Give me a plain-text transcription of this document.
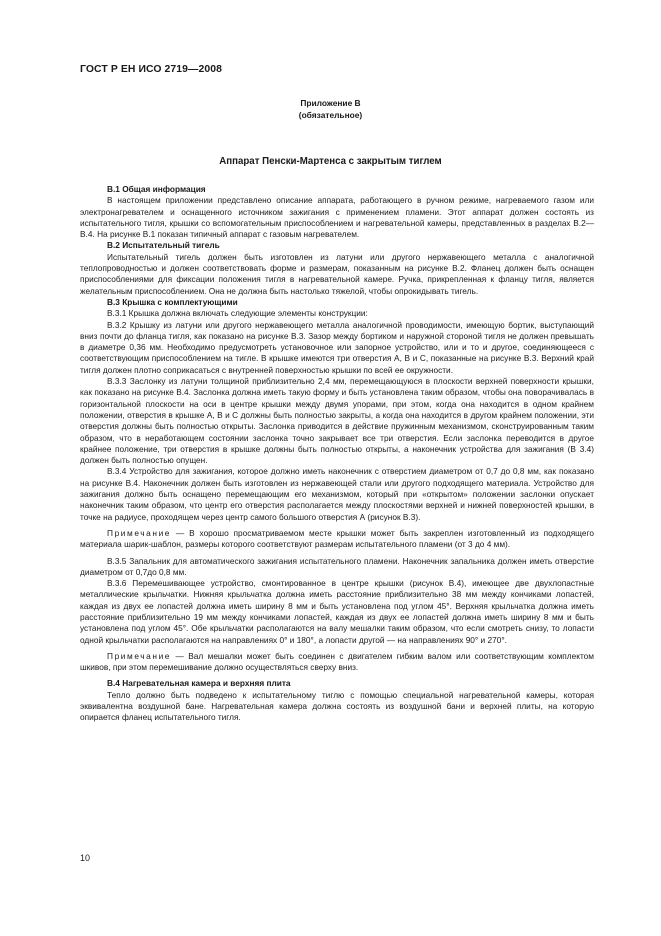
ГОСТ Р ЕН ИСО 2719—2008
Приложение В
(обязательное)
Аппарат Пенски-Мартенса с закрытым тиглем

В.1 Общая информация

В настоящем приложении представлено описание аппарата, работающего в ручном режиме, нагреваемого газом или электронагревателем и оснащенного источником зажигания с применением пламени. Этот аппарат должен состоять из испытательного тигля, крышки со вспомогательным приспособлением и нагревательной камеры, представленных в разделах В.2—В.4. На рисунке В.1 показан типичный аппарат с газовым нагревателем.

В.2 Испытательный тигель

Испытательный тигель должен быть изготовлен из латуни или другого нержавеющего металла с аналогичной теплопроводностью и должен соответствовать форме и размерам, показанным на рисунке В.2. Фланец должен быть оснащен приспособлениями для фиксации положения тигля в нагревательной камере. Ручка, прикрепленная к фланцу тигля, является желательным приспособлением. Она не должна быть настолько тяжелой, чтобы опрокидывать тигель.

В.3 Крышка с комплектующими

В.3.1 Крышка должна включать следующие элементы конструкции:

В.3.2 Крышку из латуни или другого нержавеющего металла аналогичной проводимости, имеющую бортик, выступающий вниз почти до фланца тигля, как показано на рисунке В.3. Зазор между бортиком и наружной стороной тигля не должен превышать в диаметре 0,36 мм. Необходимо предусмотреть установочное или запорное устройство, или и то и другое, соединяющееся с соответствующим приспособлением на тигле. В крышке имеются три отверстия А, В и С, показанные на рисунке В.3. Верхний край тигля должен плотно соприкасаться с внутренней поверхностью крышки по всей ее окружности.

В.3.3 Заслонку из латуни толщиной приблизительно 2,4 мм, перемещающуюся в плоскости верхней поверхности крышки, как показано на рисунке В.4. Заслонка должна иметь такую форму и быть установлена таким образом, чтобы она поворачивалась в горизонтальной плоскости на оси в центре крышки между двумя упорами, при этом, когда она находится в одном крайнем положении, отверстия в крышке А, В и С должны быть полностью закрыты, а когда она находится в другом крайнем положении, эти отверстия должны быть полностью открыты. Заслонка приводится в действие пружинным механизмом, сконструированным таким образом, что в неработающем состоянии заслонка точно закрывает все три отверстия. Если заслонка переводится в другое крайнее положение, три отверстия в крышке должны быть полностью открыты, а наконечник устройства для зажигания (В 3.4) должен быть полностью опущен.

В.3.4 Устройство для зажигания, которое должно иметь наконечник с отверстием диаметром от 0,7 до 0,8 мм, как показано на рисунке В.4. Наконечник должен быть изготовлен из нержавеющей стали или другого подходящего материала. Устройство для зажигания должно быть оснащено перемещающим его механизмом, который при «открытом» положении заслонки опускает наконечник таким образом, что центр его отверстия располагается между плоскостями верхней и нижней поверхностей крышки, в точке на радиусе, проходящем через центр самого большого отверстия А (рисунок В.3).

Примечание — В хорошо просматриваемом месте крышки может быть закреплен изготовленный из подходящего материала шарик-шаблон, размеры которого соответствуют размерам испытательного пламени (от 3 до 4 мм).

В.3.5 Запальник для автоматического зажигания испытательного пламени. Наконечник запальника должен иметь отверстие диаметром от 0,7до 0,8 мм.

В.3.6 Перемешивающее устройство, смонтированное в центре крышки (рисунок В.4), имеющее две двухлопастные металлические крыльчатки. Нижняя крыльчатка должна иметь расстояние приблизительно 38 мм между кончиками лопастей, каждая из двух ее лопастей должна иметь ширину 8 мм и быть установлена под углом 45°. Верхняя крыльчатка должна иметь расстояние приблизительно 19 мм между кончиками лопастей, каждая из двух ее лопастей должна иметь ширину 8 мм и быть установлена под углом 45°. Обе крыльчатки располагаются на валу мешалки таким образом, что если смотреть снизу, то лопасти одной крыльчатки располагаются на направлениях 0° и 180°, а лопасти другой — на направлениях 90° и 270°.

Примечание — Вал мешалки может быть соединен с двигателем гибким валом или соответствующим комплектом шкивов, при этом перемешивание должно осуществляться сверху вниз.

В.4 Нагревательная камера и верхняя плита

Тепло должно быть подведено к испытательному тиглю с помощью специальной нагревательной камеры, которая эквивалентна воздушной бане. Нагревательная камера должна состоять из воздушной бани и верхней плиты, на которую опирается фланец испытательного тигля.

10
